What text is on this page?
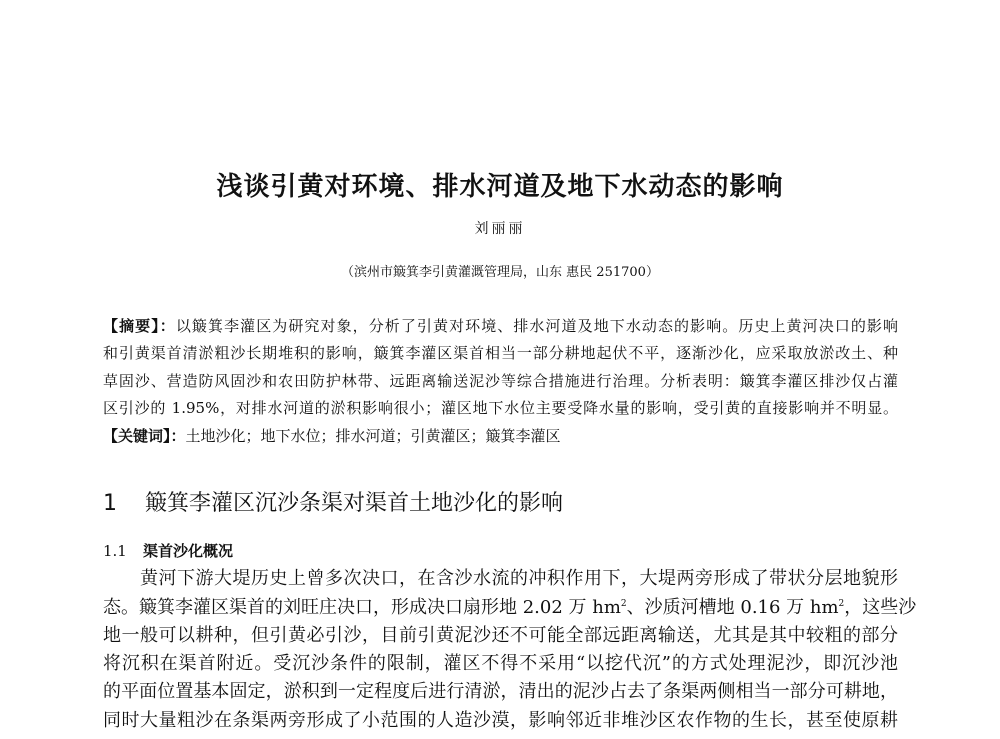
浅谈引黄对环境、排水河道及地下水动态的影响
刘丽丽
（滨州市簸箕李引黄灌溉管理局，山东 惠民 251700）
【摘要】：以簸箕李灌区为研究对象，分析了引黄对环境、排水河道及地下水动态的影响。历史上黄河决口的影响
和引黄渠首清淤粗沙长期堆积的影响，簸箕李灌区渠首相当一部分耕地起伏不平，逐渐沙化，应采取放淤改土、种
草固沙、营造防风固沙和农田防护林带、远距离输送泥沙等综合措施进行治理。分析表明：簸箕李灌区排沙仅占灌
区引沙的 1.95%，对排水河道的淤积影响很小；灌区地下水位主要受降水量的影响，受引黄的直接影响并不明显。
【关键词】：土地沙化；地下水位；排水河道；引黄灌区；簸箕李灌区
1 簸箕李灌区沉沙条渠对渠首土地沙化的影响
1.1 渠首沙化概况
黄河下游大堤历史上曾多次决口，在含沙水流的冲积作用下，大堤两旁形成了带状分层地貌形
态。簸箕李灌区渠首的刘旺庄决口，形成决口扇形地 2.02 万 $hm^2$、沙质河槽地 0.16 万 $hm^2$，这些沙
地一般可以耕种，但引黄必引沙，目前引黄泥沙还不可能全部远距离输送，尤其是其中较粗的部分
将沉积在渠首附近。受沉沙条件的限制，灌区不得不采用“以挖代沉”的方式处理泥沙，即沉沙池
的平面位置基本固定，淤积到一定程度后进行清淤，清出的泥沙占去了条渠两侧相当一部分可耕地，
同时大量粗沙在条渠两旁形成了小范围的人造沙漠，影响邻近非堆沙区农作物的生长，甚至使原耕
